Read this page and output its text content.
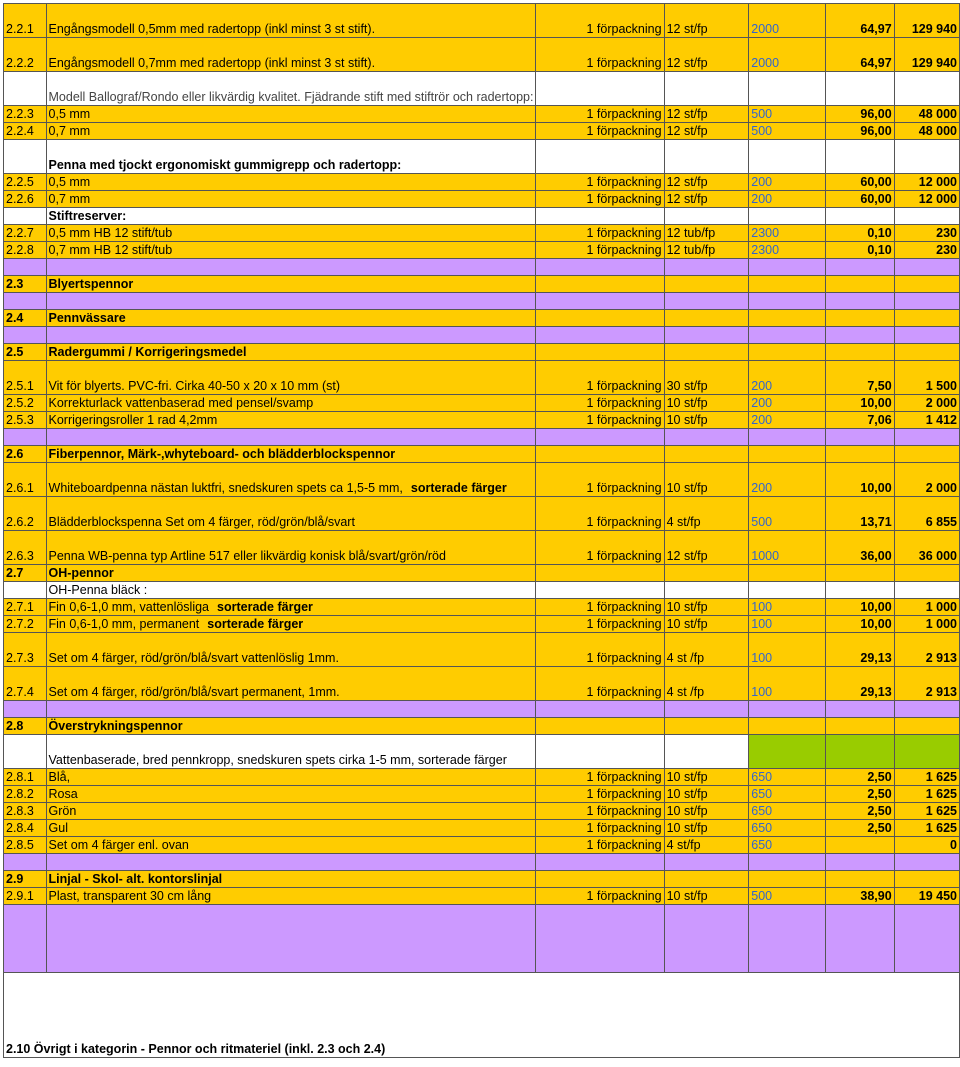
2.2.1	Engångsmodell 0,5mm med radertopp (inkl minst 3 st stift).	1 förpackning	12 st/fp	2000	64,97	129 940
2.2.2	Engångsmodell 0,7mm med radertopp (inkl minst 3 st stift).	1 förpackning	12 st/fp	2000	64,97	129 940
	Modell Ballograf/Rondo eller likvärdig kvalitet. Fjädrande stift med stiftrör och radertopp:					
2.2.3	0,5 mm	1 förpackning	12 st/fp	500	96,00	48 000
2.2.4	0,7 mm	1 förpackning	12 st/fp	500	96,00	48 000
	Penna med tjockt ergonomiskt gummigrepp och radertopp:					
2.2.5	0,5 mm	1 förpackning	12 st/fp	200	60,00	12 000
2.2.6	0,7 mm	1 förpackning	12 st/fp	200	60,00	12 000
	Stiftreserver:					
2.2.7	0,5 mm HB 12 stift/tub	1 förpackning	12 tub/fp	2300	0,10	230
2.2.8	0,7 mm HB 12 stift/tub	1 förpackning	12 tub/fp	2300	0,10	230

2.3	Blyertspennor					

2.4	Pennvässare					

2.5	Radergummi / Korrigeringsmedel					
2.5.1	Vit för blyerts. PVC-fri. Cirka 40-50 x 20 x 10 mm (st)	1 förpackning	30 st/fp	200	7,50	1 500
2.5.2	Korrekturlack vattenbaserad med pensel/svamp	1 förpackning	10 st/fp	200	10,00	2 000
2.5.3	Korrigeringsroller 1 rad 4,2mm	1 förpackning	10 st/fp	200	7,06	1 412

2.6	Fiberpennor, Märk-,whyteboard- och blädderblockspennor					
2.6.1	Whiteboardpenna nästan luktfri, snedskuren spets ca 1,5-5 mm, sorterade färger	1 förpackning	10 st/fp	200	10,00	2 000
2.6.2	Blädderblockspenna Set om 4 färger, röd/grön/blå/svart	1 förpackning	4 st/fp	500	13,71	6 855
2.6.3	Penna WB-penna typ Artline 517 eller likvärdig konisk blå/svart/grön/röd	1 förpackning	12 st/fp	1000	36,00	36 000
2.7	OH-pennor					
	OH-Penna bläck :					
2.7.1	Fin 0,6-1,0 mm, vattenlösliga sorterade färger	1 förpackning	10 st/fp	100	10,00	1 000
2.7.2	Fin 0,6-1,0 mm, permanent sorterade färger	1 förpackning	10 st/fp	100	10,00	1 000
2.7.3	Set om 4 färger, röd/grön/blå/svart vattenlöslig 1mm.	1 förpackning	4 st /fp	100	29,13	2 913
2.7.4	Set om 4 färger, röd/grön/blå/svart permanent, 1mm.	1 förpackning	4 st /fp	100	29,13	2 913

2.8	Överstrykningspennor					
	Vattenbaserade, bred pennkropp, snedskuren spets cirka 1-5 mm, sorterade färger					
2.8.1	Blå,	1 förpackning	10 st/fp	650	2,50	1 625
2.8.2	Rosa	1 förpackning	10 st/fp	650	2,50	1 625
2.8.3	Grön	1 förpackning	10 st/fp	650	2,50	1 625
2.8.4	Gul	1 förpackning	10 st/fp	650	2,50	1 625
2.8.5	Set om 4 färger enl. ovan	1 förpackning	4 st/fp	650		0

2.9	Linjal - Skol- alt. kontorslinjal					
2.9.1	Plast, transparent 30 cm lång	1 förpackning	10 st/fp	500	38,90	19 450

2.10 Övrigt i kategorin - Pennor och ritmateriel (inkl. 2.3 och 2.4)						
